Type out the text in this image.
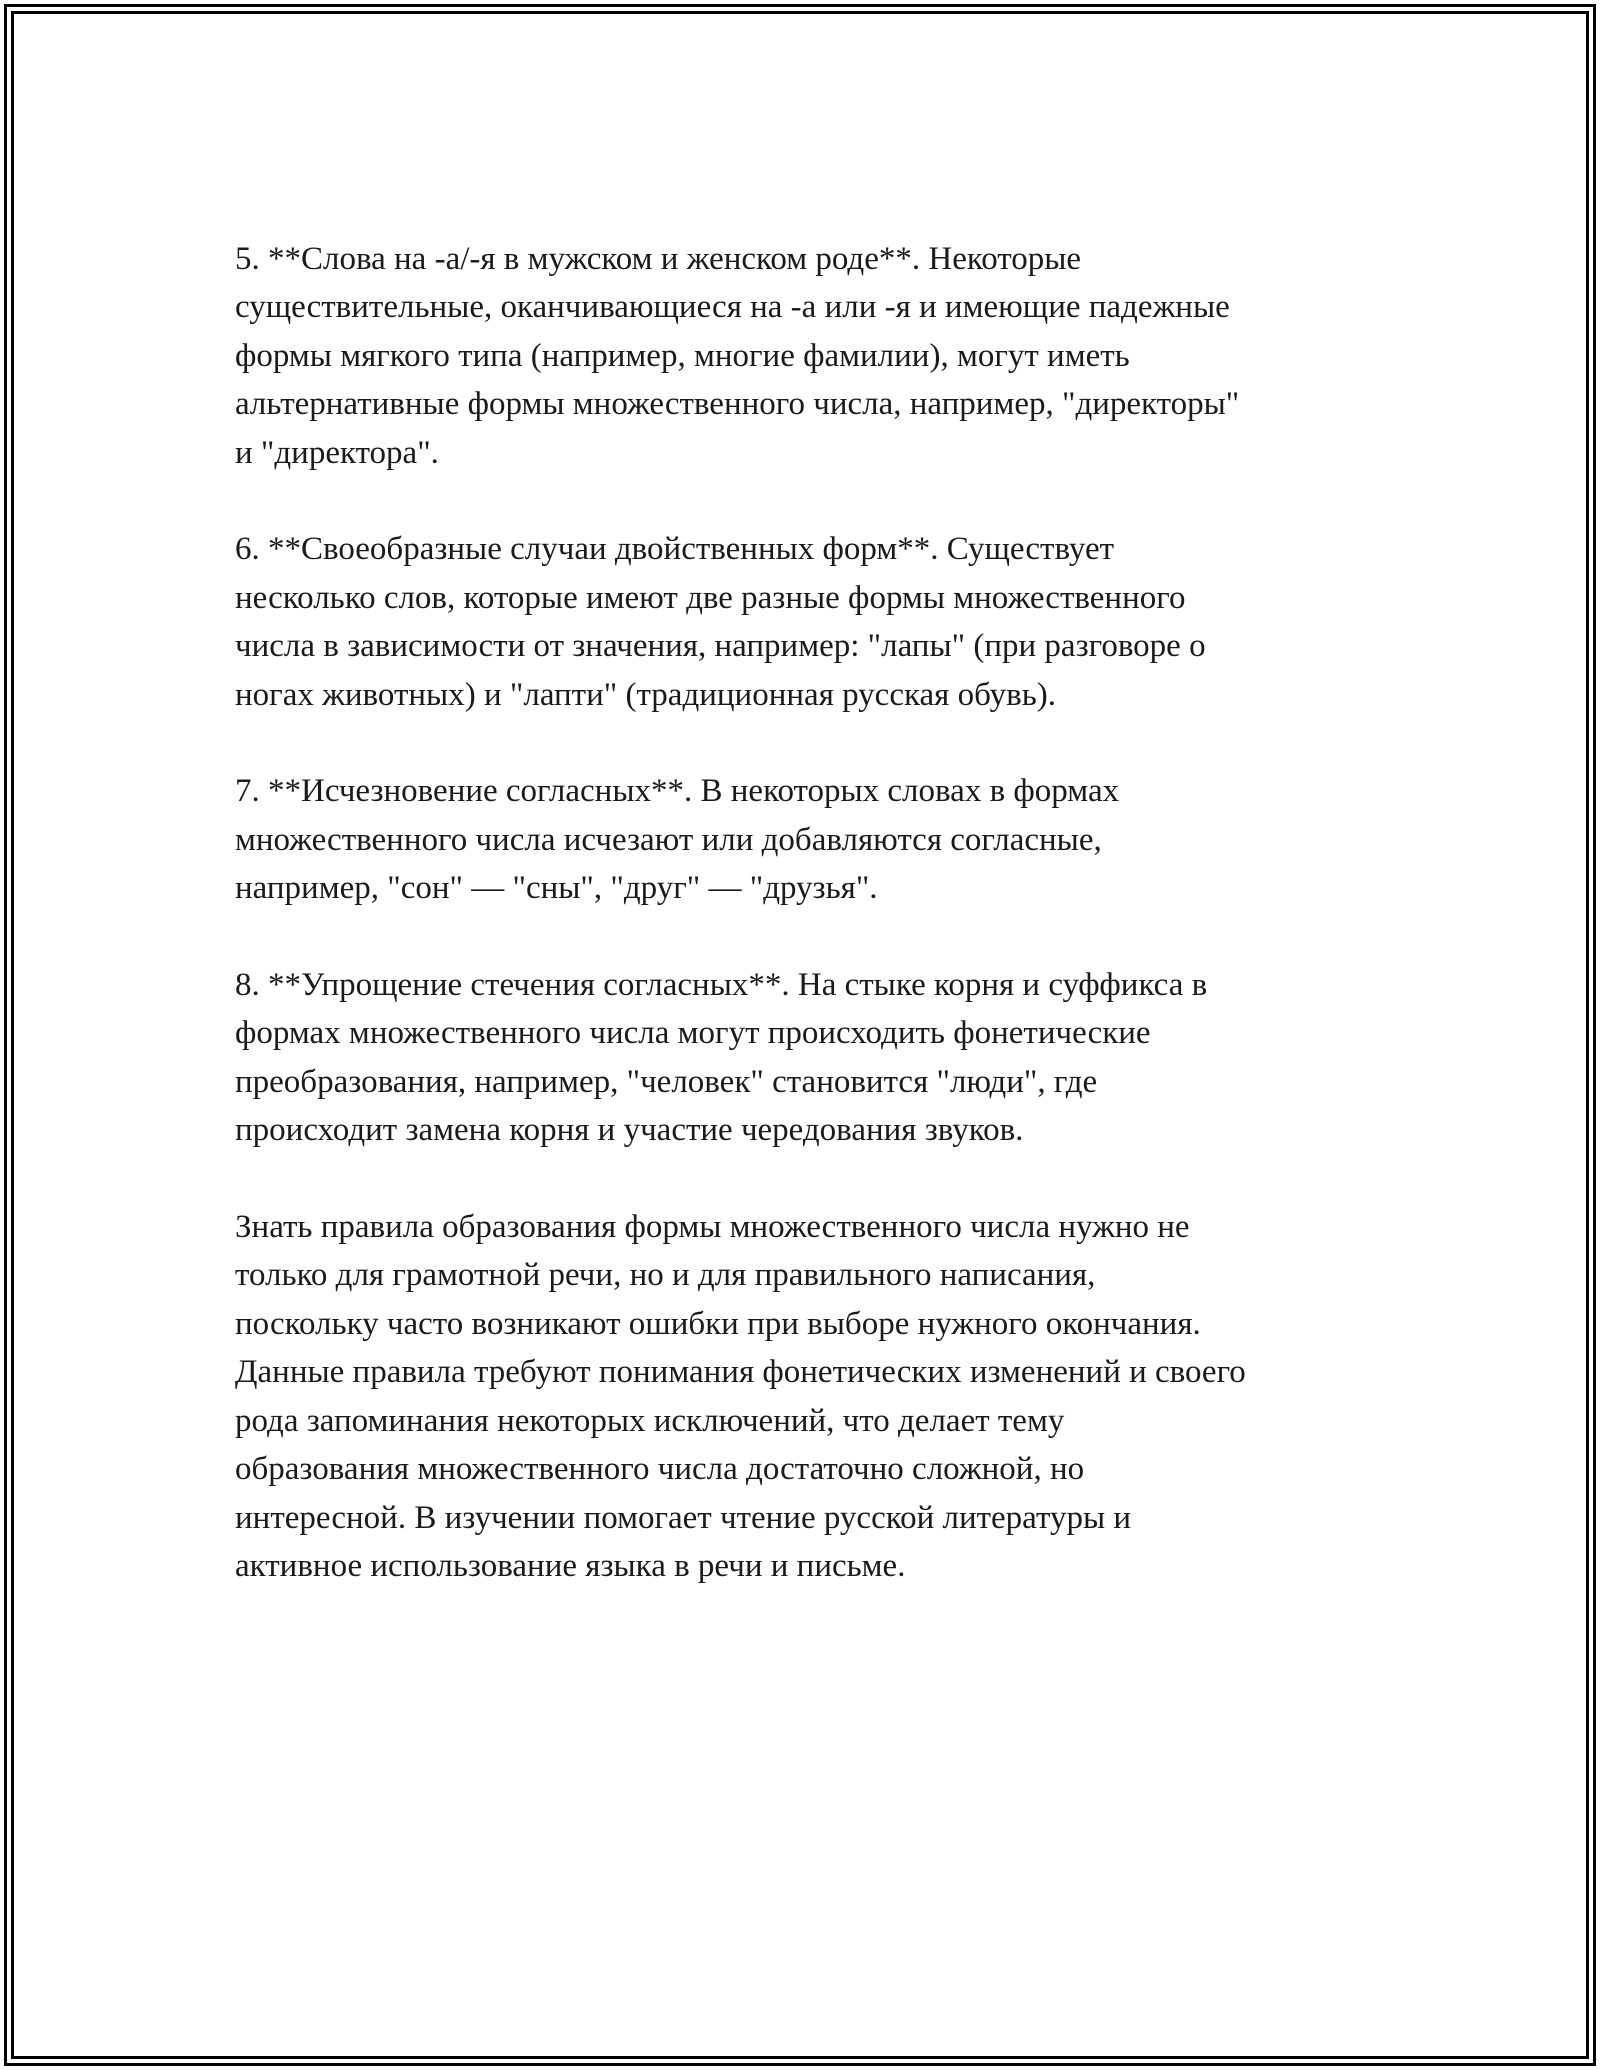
5. **Слова на -а/-я в мужском и женском роде**. Некоторые
существительные, оканчивающиеся на -а или -я и имеющие падежные
формы мягкого типа (например, многие фамилии), могут иметь
альтернативные формы множественного числа, например, "директоры"
и "директора".

6. **Своеобразные случаи двойственных форм**. Существует
несколько слов, которые имеют две разные формы множественного
числа в зависимости от значения, например: "лапы" (при разговоре о
ногах животных) и "лапти" (традиционная русская обувь).

7. **Исчезновение согласных**. В некоторых словах в формах
множественного числа исчезают или добавляются согласные,
например, "сон" — "сны", "друг" — "друзья".

8. **Упрощение стечения согласных**. На стыке корня и суффикса в
формах множественного числа могут происходить фонетические
преобразования, например, "человек" становится "люди", где
происходит замена корня и участие чередования звуков.

Знать правила образования формы множественного числа нужно не
только для грамотной речи, но и для правильного написания,
поскольку часто возникают ошибки при выборе нужного окончания.
Данные правила требуют понимания фонетических изменений и своего
рода запоминания некоторых исключений, что делает тему
образования множественного числа достаточно сложной, но
интересной. В изучении помогает чтение русской литературы и
активное использование языка в речи и письме.
